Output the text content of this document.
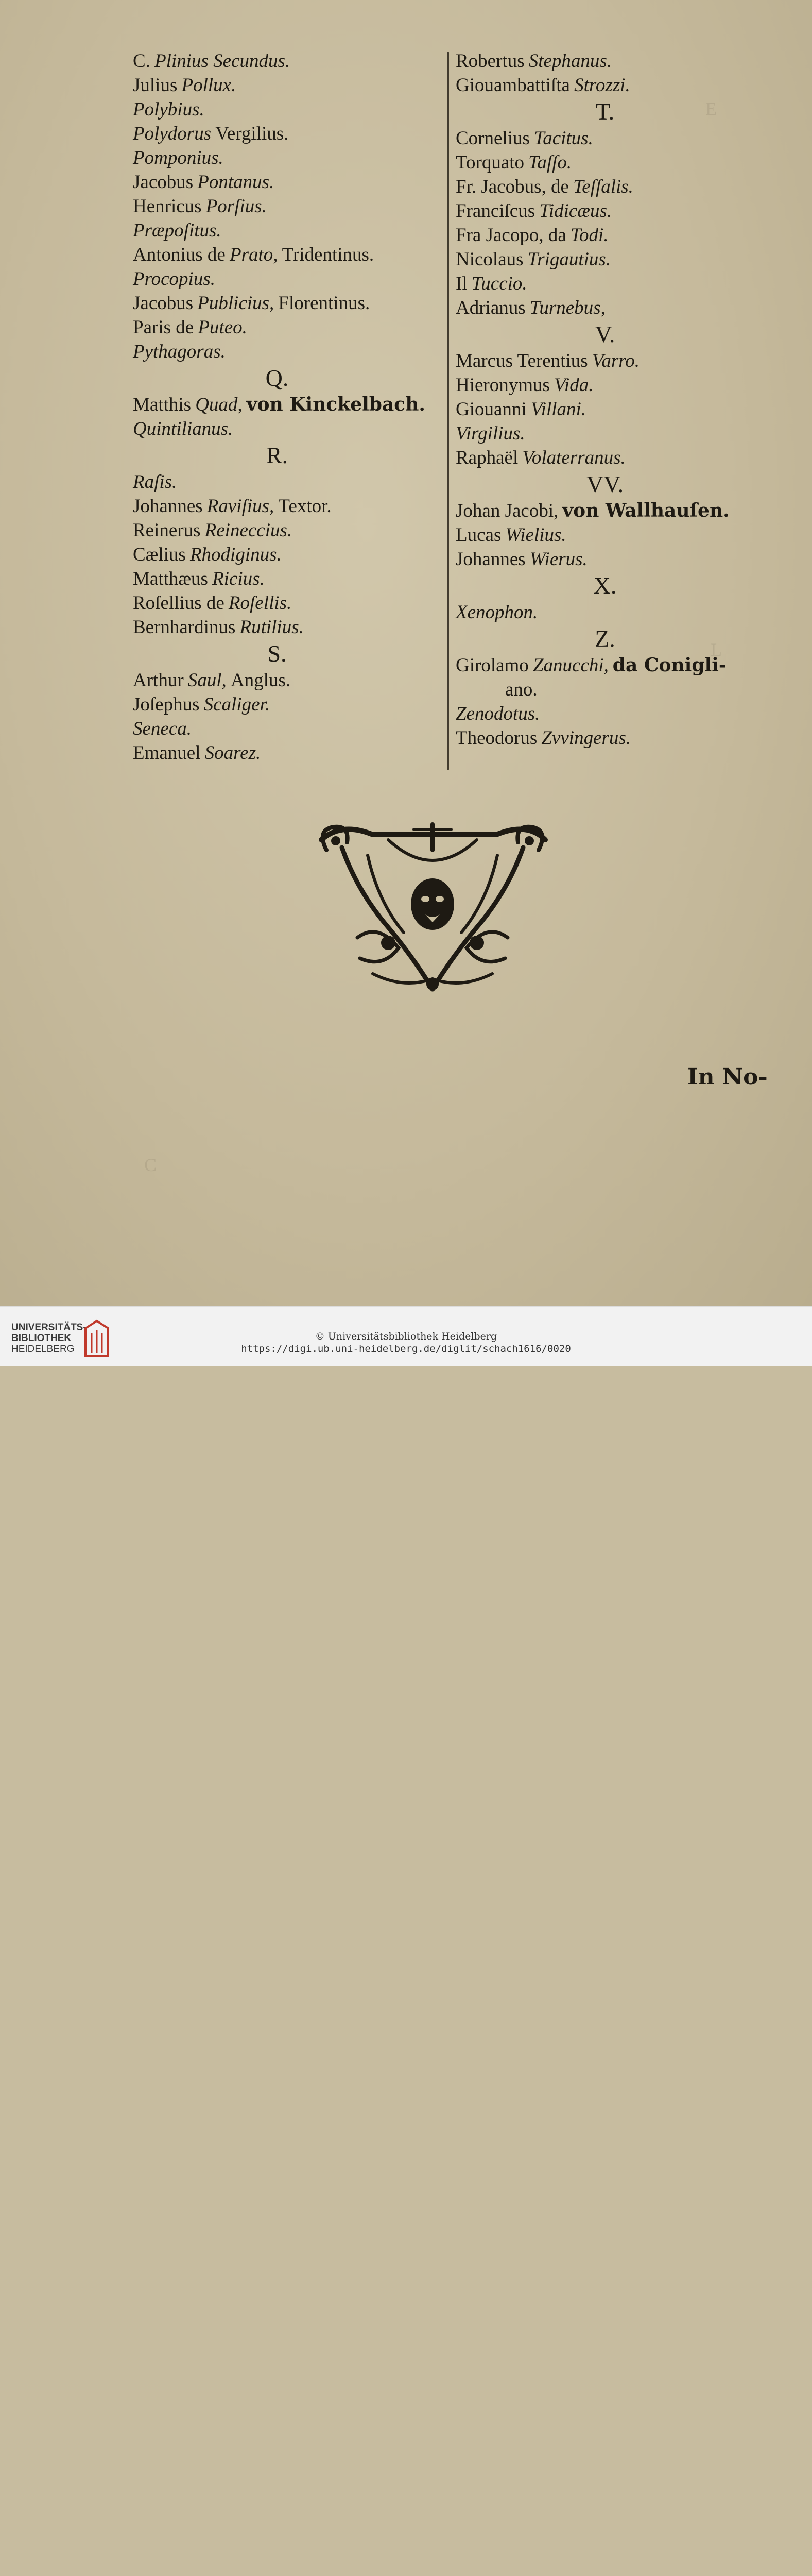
E
L
C
C. Plinius Secundus.
Julius Pollux.
Polybius.
Polydorus Vergilius.
Pomponius.
Jacobus Pontanus.
Henricus Porſius.
Præpoſitus.
Antonius de Prato, Tridentinus.
Procopius.
Jacobus Publicius, Florentinus.
Paris de Puteo.
Pythagoras.
Q.
Matthis Quad, von Kinckelbach.
Quintilianus.
R.
Raſis.
Johannes Raviſius, Textor.
Reinerus Reineccius.
Cælius Rhodiginus.
Matthæus Ricius.
Roſellius de Roſellis.
Bernhardinus Rutilius.
S.
Arthur Saul, Anglus.
Joſephus Scaliger.
Seneca.
Emanuel Soarez.
Robertus Stephanus.
Giouambattiſta Strozzi.
T.
Cornelius Tacitus.
Torquato Taſſo.
Fr. Jacobus, de Teſſalis.
Franciſcus Tidicæus.
Fra Jacopo, da Todi.
Nicolaus Trigautius.
Il Tuccio.
Adrianus Turnebus,
V.
Marcus Terentius Varro.
Hieronymus Vida.
Giouanni Villani.
Virgilius.
Raphaël Volaterranus.
VV.
Johan Jacobi, von Wallhauſen.
Lucas Wielius.
Johannes Wierus.
X.
Xenophon.
Z.
Girolamo Zanucchi, da Conigli-
ano.
Zenodotus.
Theodorus Zvvingerus.
In No-
UNIVERSITÄTS-
BIBLIOTHEK
HEIDELBERG
© Universitätsbibliothek Heidelberg
https://digi.ub.uni-heidelberg.de/diglit/schach1616/0020
